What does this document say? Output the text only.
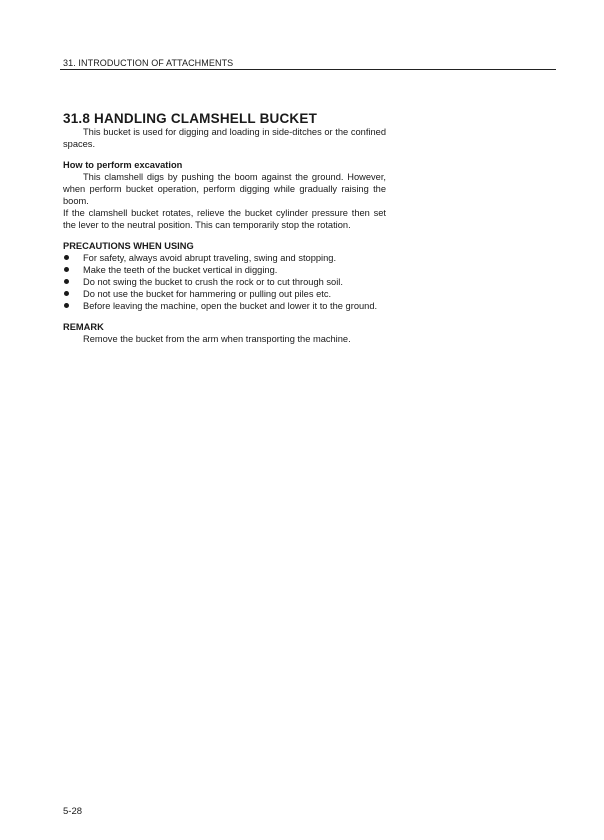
31. INTRODUCTION OF ATTACHMENTS
31.8 HANDLING CLAMSHELL BUCKET

This bucket is used for digging and loading in side-ditches or the confined spaces.

How to perform excavation

This clamshell digs by pushing the boom against the ground. However, when perform bucket operation, perform digging while gradually raising the boom.

If the clamshell bucket rotates, relieve the bucket cylinder pressure then set the lever to the neutral position. This can temporarily stop the rotation.

PRECAUTIONS WHEN USING

For safety, always avoid abrupt traveling, swing and stopping.
Make the teeth of the bucket vertical in digging.
Do not swing the bucket to crush the rock or to cut through soil.
Do not use the bucket for hammering or pulling out piles etc.
Before leaving the machine, open the bucket and lower it to the ground.

REMARK

Remove the bucket from the arm when transporting the machine.

5-28
